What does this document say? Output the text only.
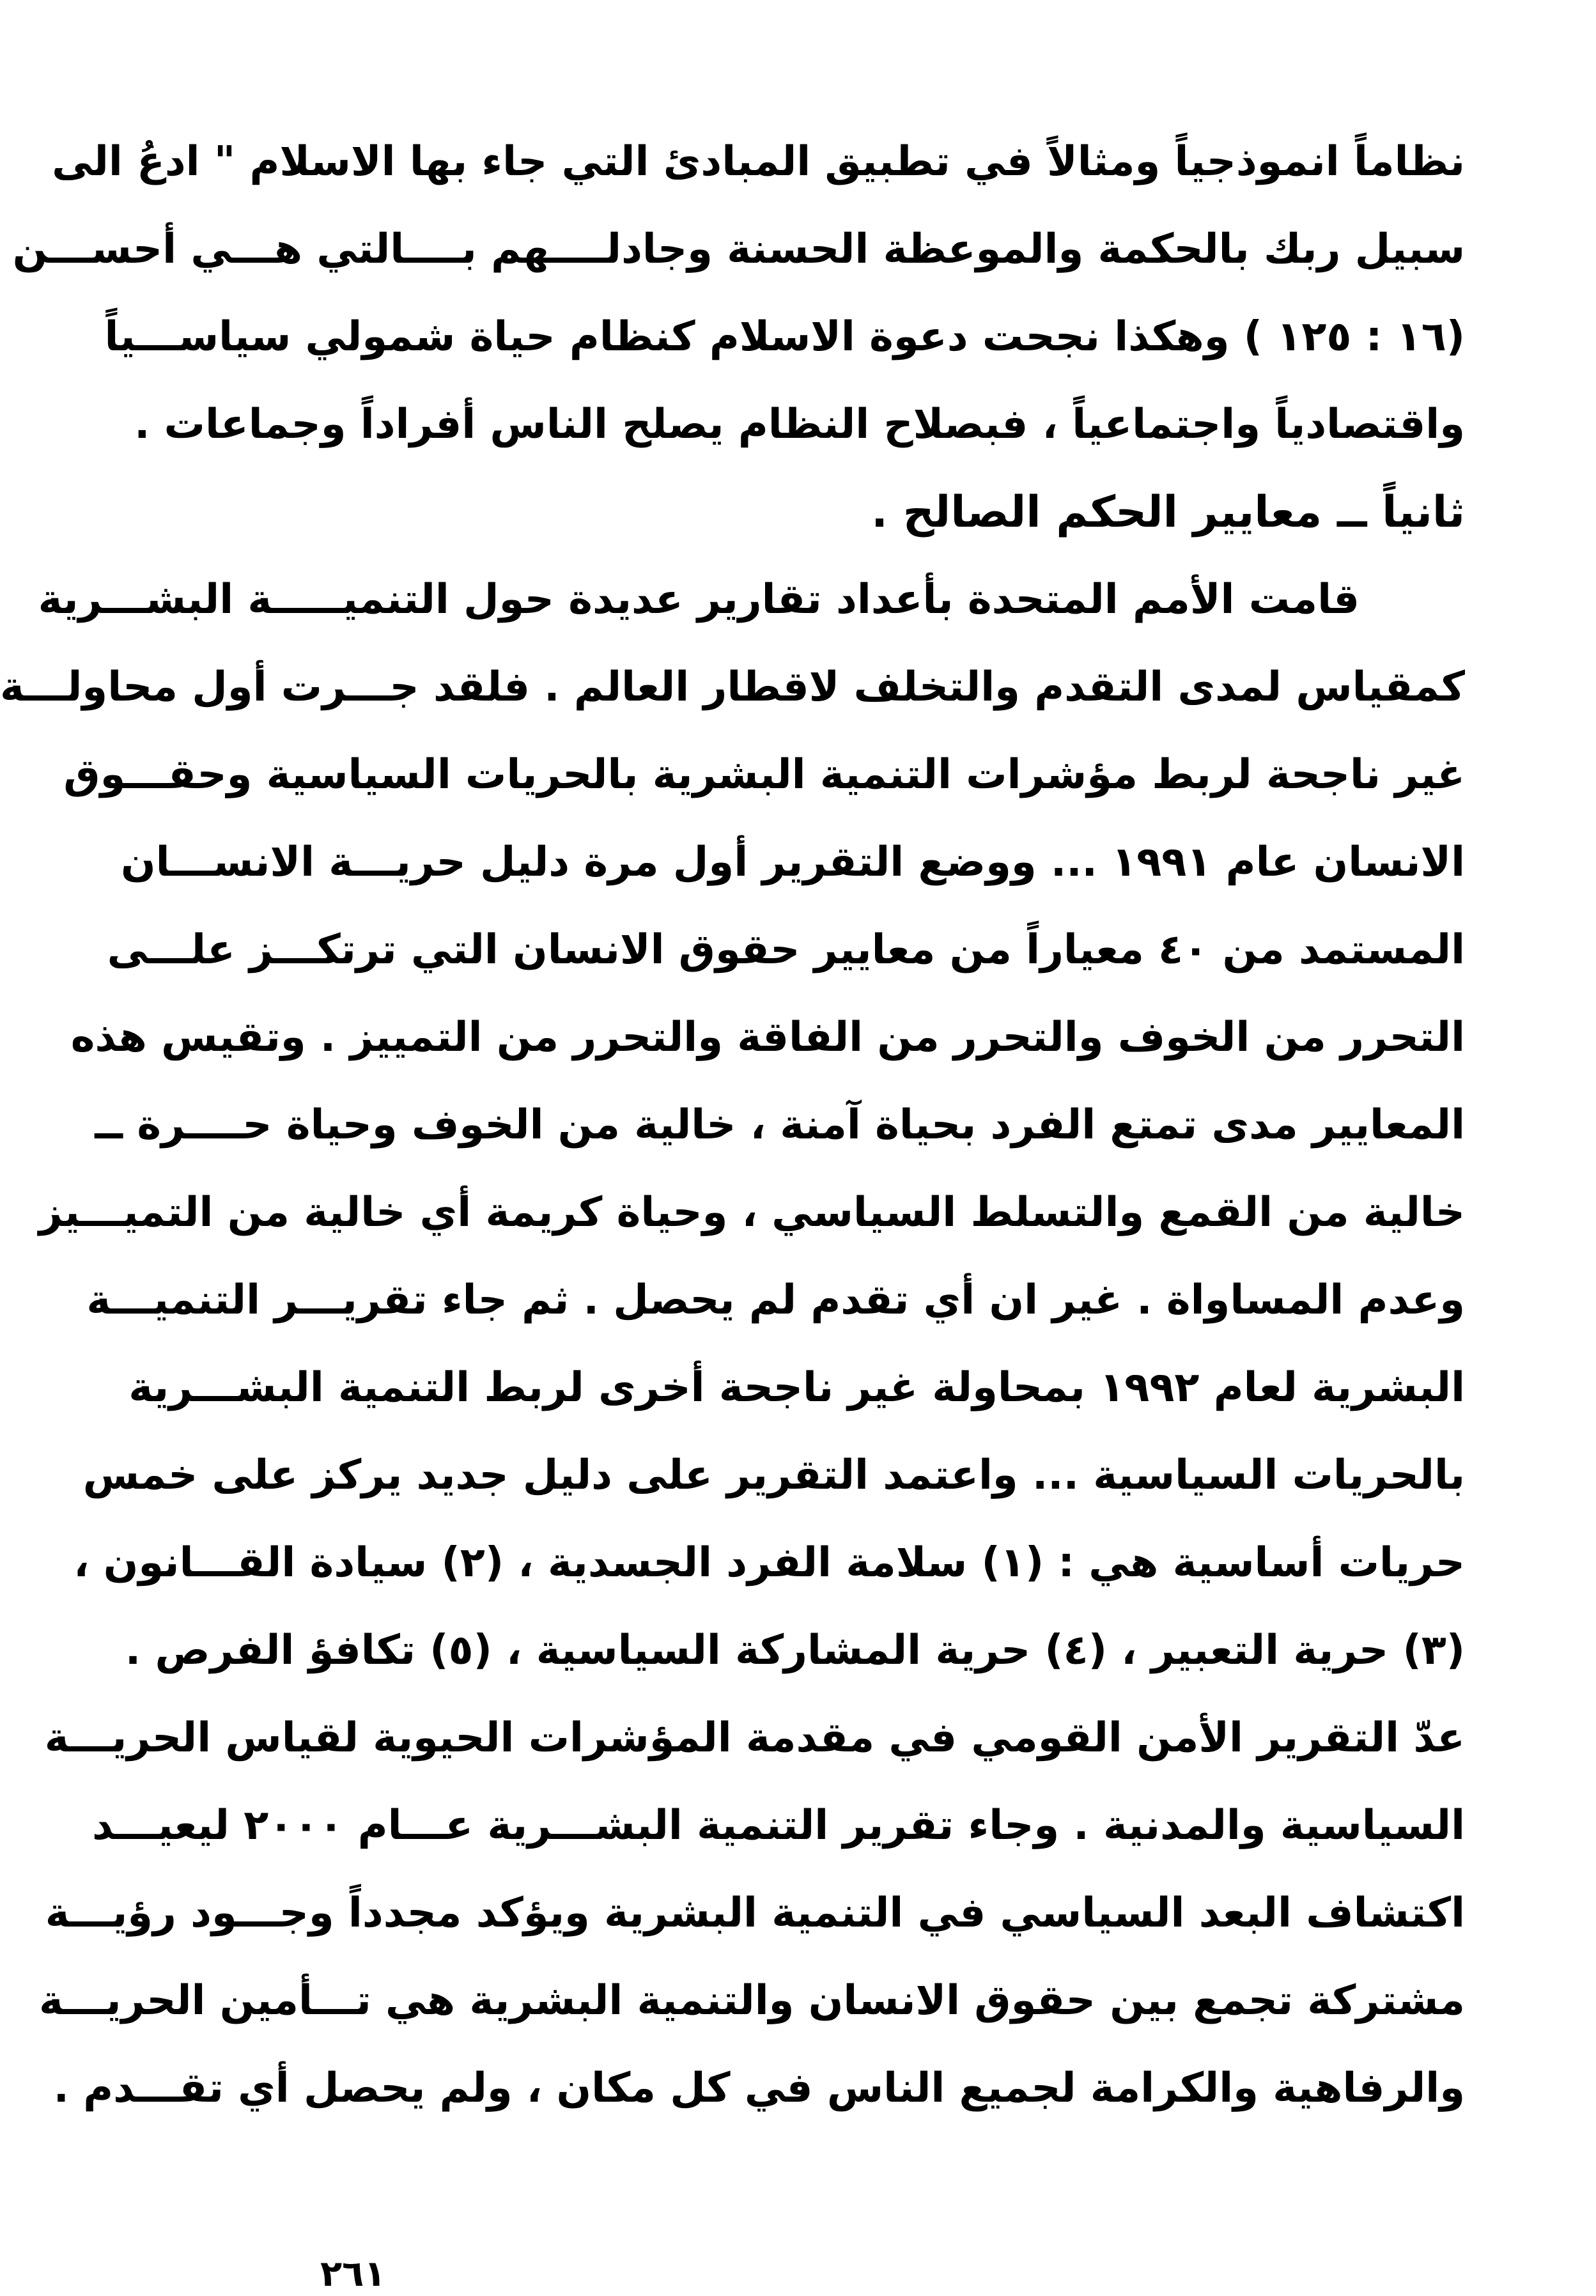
نظاماً انموذجياً ومثالاً في تطبيق المبادئ التي جاء بها الاسلام " ادعُ الى
سبيل ربك بالحكمة والموعظة الحسنة وجادلــــهم بــــالتي هـــي أحســـن
(١٦ : ١٢٥ ) وهكذا نجحت دعوة الاسلام كنظام حياة شمولي سياســـياً
واقتصادياً واجتماعياً ، فبصلاح النظام يصلح الناس أفراداً وجماعات .
ثانياً ــ معايير الحكم الصالح .
قامت الأمم المتحدة بأعداد تقارير عديدة حول التنميـــــة البشـــرية
كمقياس لمدى التقدم والتخلف لاقطار العالم . فلقد جـــرت أول محاولـــة
غير ناجحة لربط مؤشرات التنمية البشرية بالحريات السياسية وحقـــوق
الانسان عام ١٩٩١ ... ووضع التقرير أول مرة دليل حريـــة الانســـان
المستمد من ٤٠ معياراً من معايير حقوق الانسان التي ترتكـــز علـــى
التحرر من الخوف والتحرر من الفاقة والتحرر من التمييز . وتقيس هذه
المعايير مدى تمتع الفرد بحياة آمنة ، خالية من الخوف وحياة حــــرة ــ
خالية من القمع والتسلط السياسي ، وحياة كريمة أي خالية من التميـــيز
وعدم المساواة . غير ان أي تقدم لم يحصل . ثم جاء تقريـــر التنميـــة
البشرية لعام ١٩٩٢ بمحاولة غير ناجحة أخرى لربط التنمية البشـــرية
بالحريات السياسية ... واعتمد التقرير على دليل جديد يركز على خمس
حريات أساسية هي : (١) سلامة الفرد الجسدية ، (٢) سيادة القـــانون ،
(٣) حرية التعبير ، (٤) حرية المشاركة السياسية ، (٥) تكافؤ الفرص .
عدّ التقرير الأمن القومي في مقدمة المؤشرات الحيوية لقياس الحريـــة
السياسية والمدنية . وجاء تقرير التنمية البشـــرية عـــام ٢٠٠٠ ليعيـــد
اكتشاف البعد السياسي في التنمية البشرية ويؤكد مجدداً وجـــود رؤيـــة
مشتركة تجمع بين حقوق الانسان والتنمية البشرية هي تـــأمين الحريـــة
والرفاهية والكرامة لجميع الناس في كل مكان ، ولم يحصل أي تقـــدم .
٢٦١
